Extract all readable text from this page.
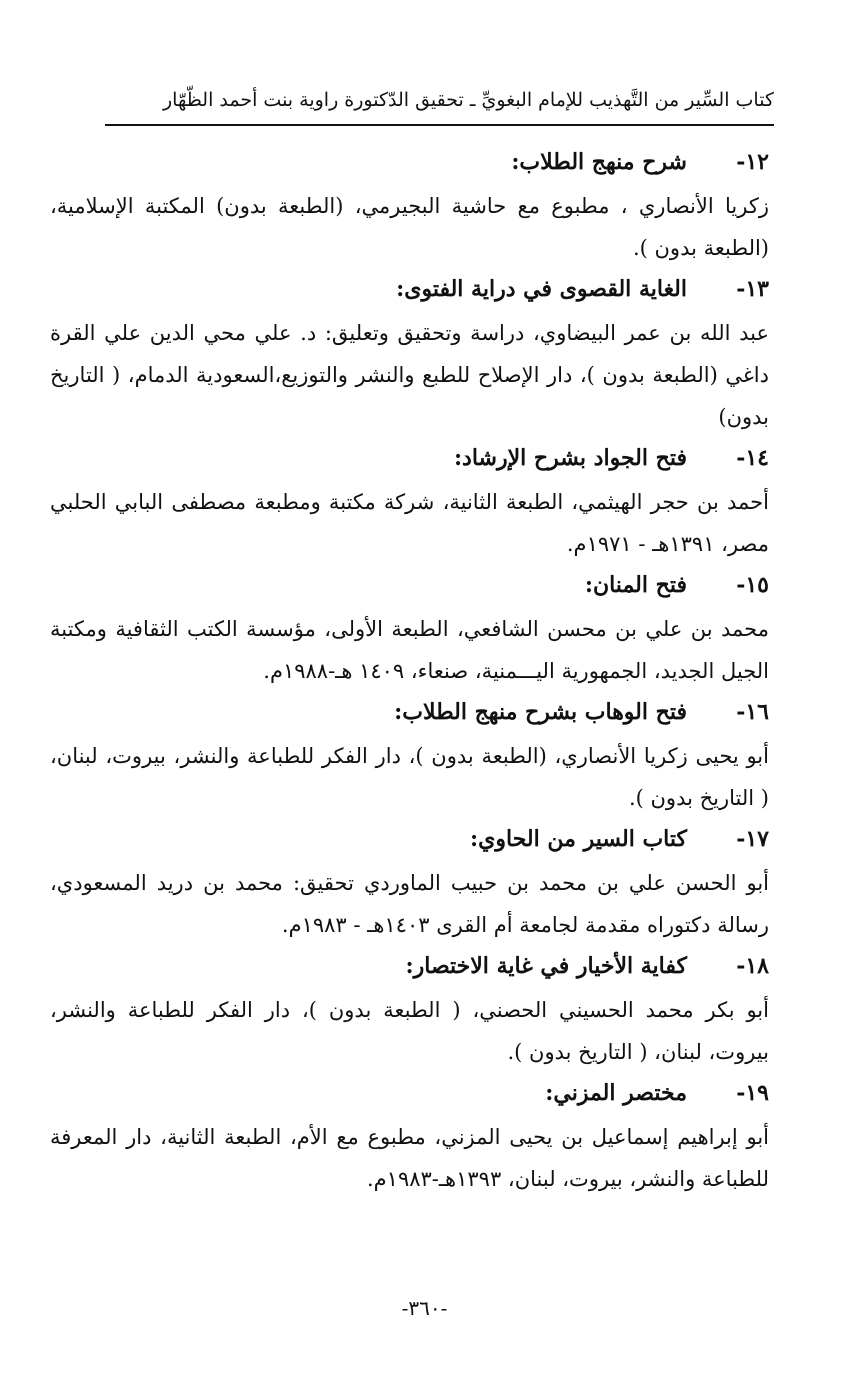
كتاب السِّير من التَّهذيب للإمام البغويِّ ـ تحقيق الدّكتورة راوية بنت أحمد الظّهّار
١٢-
شرح منهج الطلاب:

زكريا الأنصاري ، مطبوع مع حاشية البجيرمي، (الطبعة بدون) المكتبة الإسلامية، (الطبعة بدون ).

١٣-
الغاية القصوى في دراية الفتوى:

عبد الله بن عمر البيضاوي، دراسة وتحقيق وتعليق: د. علي محي الدين علي القرة داغي (الطبعة بدون )، دار الإصلاح للطبع والنشر والتوزيع،السعودية الدمام، ( التاريخ بدون)

١٤-
فتح الجواد بشرح الإرشاد:

أحمد بن حجر الهيثمي، الطبعة الثانية، شركة مكتبة ومطبعة مصطفى البابي الحلبي مصر، ١٣٩١هـ - ١٩٧١م.

١٥-
فتح المنان:

محمد بن علي بن محسن الشافعي، الطبعة الأولى، مؤسسة الكتب الثقافية ومكتبة الجيل الجديد، الجمهورية اليـــمنية، صنعاء، ١٤٠٩ هـ-١٩٨٨م.

١٦-
فتح الوهاب بشرح منهج الطلاب:

أبو يحيى زكريا الأنصاري، (الطبعة بدون )، دار الفكر للطباعة والنشر، بيروت، لبنان، ( التاريخ بدون ).

١٧-
كتاب السير من الحاوي:

أبو الحسن علي بن محمد بن حبيب الماوردي تحقيق: محمد بن دريد المسعودي، رسالة دكتوراه مقدمة لجامعة أم القرى ١٤٠٣هـ - ١٩٨٣م.

١٨-
كفاية الأخيار في غاية الاختصار:

أبو بكر محمد الحسيني الحصني، ( الطبعة بدون )، دار الفكر للطباعة والنشر، بيروت، لبنان، ( التاريخ بدون ).

١٩-
مختصر المزني:

أبو إبراهيم إسماعيل بن يحيى المزني، مطبوع مع الأم، الطبعة الثانية، دار المعرفة للطباعة والنشر، بيروت، لبنان، ١٣٩٣هـ-١٩٨٣م.

-٣٦٠-
